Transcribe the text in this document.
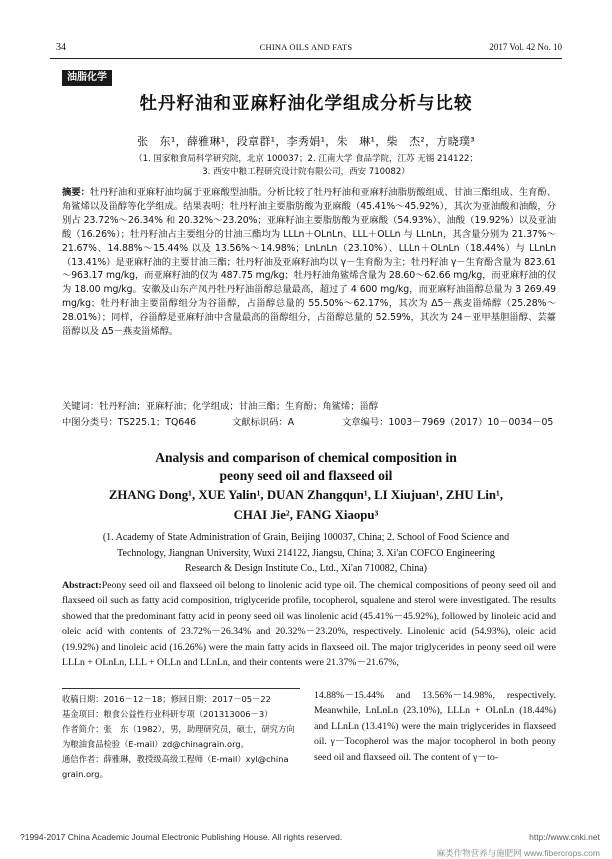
34	CHINA OILS AND FATS	2017 Vol. 42 No. 10
油脂化学
牡丹籽油和亚麻籽油化学组成分析与比较
张　东¹，薛雅琳¹，段章群¹，李秀娟¹，朱　琳¹，柴　杰²，方晓璞³
（1. 国家粮食局科学研究院，北京 100037；2. 江南大学 食品学院，江苏 无锡 214122；
3. 西安中粮工程研究设计院有限公司，西安 710082）
摘要：牡丹籽油和亚麻籽油均属于亚麻酸型油脂。分析比较了牡丹籽油和亚麻籽油脂肪酸组成、甘油三酯组成、生育酚、角鲨烯以及甾醇等化学组成。结果表明：牡丹籽油主要脂肪酸为亚麻酸（45.41%～45.92%），其次为亚油酸和油酸，分别占 23.72%～26.34% 和 20.32%～23.20%；亚麻籽油主要脂肪酸为亚麻酸（54.93%）、油酸（19.92%）以及亚油酸（16.26%）；牡丹籽油占主要组分的甘油三酯均为 LLLn＋OLnLn、LLL＋OLLn 与 LLnLn，其含量分别为 21.37%～21.67%、14.88%～15.44% 以及 13.56%～14.98%；LnLnLn（23.10%）、LLLn＋OLnLn（18.44%）与 LLnLn（13.41%）是亚麻籽油的主要甘油三酯；牡丹籽油及亚麻籽油均以 γ－生育酚为主；牡丹籽油 γ－生育酚含量为 823.61～963.17 mg/kg，而亚麻籽油的仅为 487.75 mg/kg；牡丹籽油角鲨烯含量为 28.60～62.66 mg/kg，而亚麻籽油的仅为 18.00 mg/kg。安徽及山东产凤丹牡丹籽油甾醇总量最高，超过了 4 600 mg/kg，而亚麻籽油甾醇总量为 3 269.49 mg/kg；牡丹籽油主要甾醇组分为谷甾醇，占甾醇总量的 55.50%～62.17%，其次为 Δ5－燕麦甾烯醇（25.28%～28.01%）；同样，谷甾醇是亚麻籽油中含量最高的甾醇组分，占甾醇总量的 52.59%，其次为 24－亚甲基胆甾醇、芸薹甾醇以及 Δ5－燕麦甾烯醇。
关键词：牡丹籽油；亚麻籽油；化学组成；甘油三酯；生育酚；角鲨烯；甾醇
中图分类号：TS225.1；TQ646	文献标识码：A	文章编号：1003－7969（2017）10－0034－05
Analysis and comparison of chemical composition in
peony seed oil and flaxseed oil
ZHANG Dong¹, XUE Yalin¹, DUAN Zhangqun¹, LI Xiujuan¹, ZHU Lin¹,
CHAI Jie², FANG Xiaopu³
(1. Academy of State Administration of Grain, Beijing 100037, China; 2. School of Food Science and
Technology, Jiangnan University, Wuxi 214122, Jiangsu, China; 3. Xi'an COFCO Engineering
Research & Design Institute Co., Ltd., Xi'an 710082, China)
Abstract:Peony seed oil and flaxseed oil belong to linolenic acid type oil. The chemical compositions of peony seed oil and flaxseed oil such as fatty acid composition, triglyceride profile, tocopherol, squalene and sterol were investigated. The results showed that the predominant fatty acid in peony seed oil was linolenic acid (45.41%－45.92%), followed by linoleic acid and oleic acid with contents of 23.72%－26.34% and 20.32%－23.20%, respectively. Linolenic acid (54.93%), oleic acid (19.92%) and linoleic acid (16.26%) were the main fatty acids in flaxseed oil. The major triglycerides in peony seed oil were LLLn + OLnLn, LLL + OLLn and LLnLn, and their contents were 21.37%－21.67%,
收稿日期：2016－12－18；修回日期：2017－05－22
基金项目：粮食公益性行业科研专项（201313006－3）
作者简介：张　东（1982），男，助理研究员，硕士，研究方向
为粮油食品检验（E-mail）zd@chinagrain.org。
通信作者：薛雅琳，教授级高级工程师（E-mail）xyl@china
grain.org。
14.88%－15.44% and 13.56%－14.98%, respectively. Meanwhile, LnLnLn (23.10%), LLLn + OLnLn (18.44%) and LLnLn (13.41%) were the main triglycerides in flaxseed oil. γ－Tocopherol was the major tocopherol in both peony seed oil and flaxseed oil. The content of γ－to-
?1994-2017 China Academic Journal Electronic Publishing House. All rights reserved.	http://www.cnki.net
麻类作物营养与施肥网 www.fibercrops.com
